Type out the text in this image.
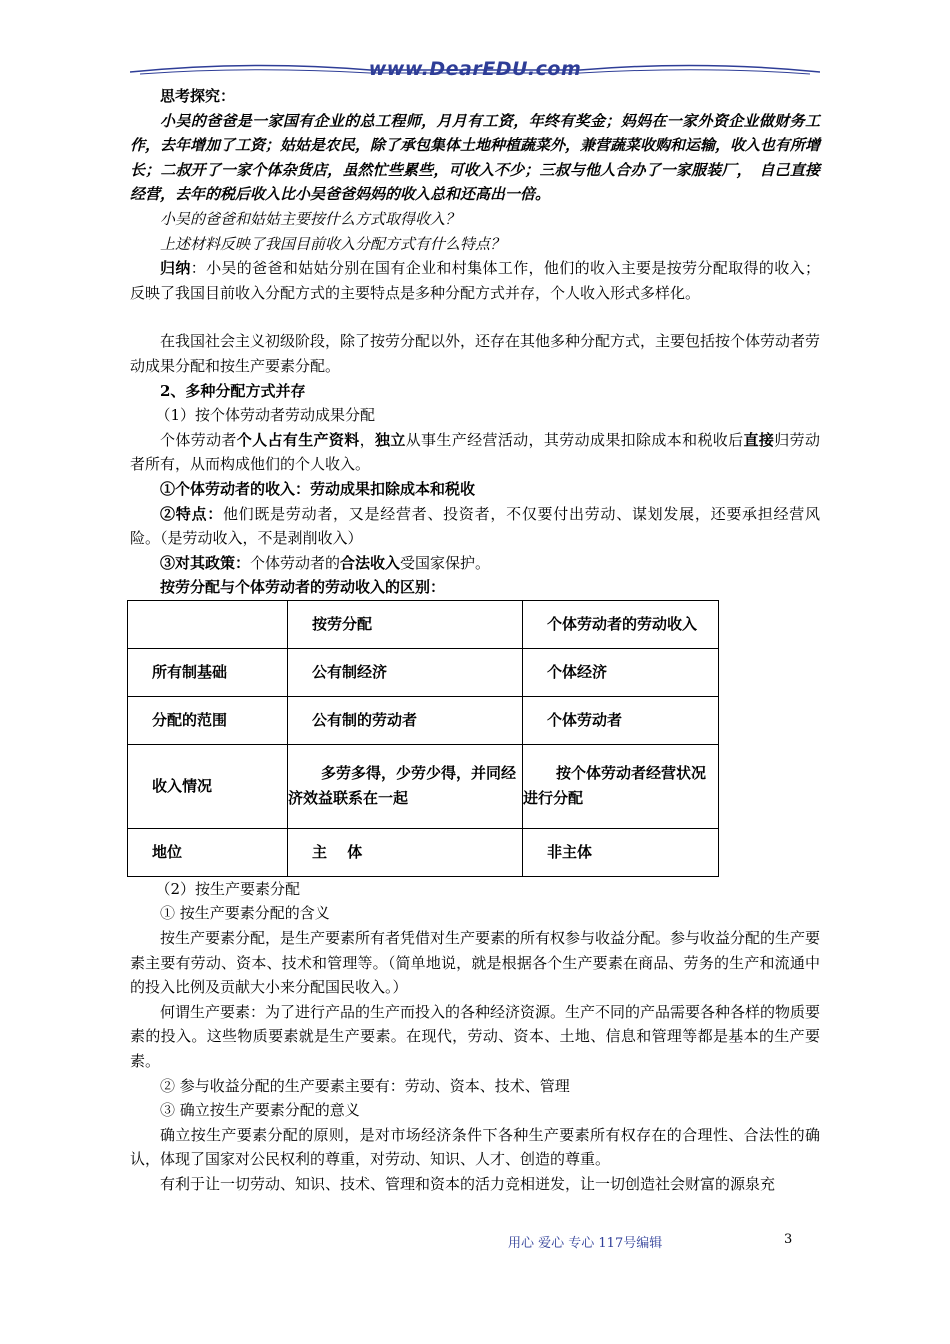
www.DearEDU.com

思考探究：

小吴的爸爸是一家国有企业的总工程师，月月有工资，年终有奖金；妈妈在一家外资企业做财务工作，去年增加了工资；姑姑是农民，除了承包集体土地种植蔬菜外，兼营蔬菜收购和运输，收入也有所增长；二叔开了一家个体杂货店，虽然忙些累些，可收入不少；三叔与他人合办了一家服装厂，　自己直接经营，去年的税后收入比小吴爸爸妈妈的收入总和还高出一倍。

小吴的爸爸和姑姑主要按什么方式取得收入？

上述材料反映了我国目前收入分配方式有什么特点？

归纳：小吴的爸爸和姑姑分别在国有企业和村集体工作，他们的收入主要是按劳分配取得的收入；反映了我国目前收入分配方式的主要特点是多种分配方式并存，个人收入形式多样化。

在我国社会主义初级阶段，除了按劳分配以外，还存在其他多种分配方式，主要包括按个体劳动者劳动成果分配和按生产要素分配。

2、多种分配方式并存

（1）按个体劳动者劳动成果分配

个体劳动者个人占有生产资料，独立从事生产经营活动，其劳动成果扣除成本和税收后直接归劳动者所有，从而构成他们的个人收入。

①个体劳动者的收入：劳动成果扣除成本和税收

②特点：他们既是劳动者，又是经营者、投资者，不仅要付出劳动、谋划发展，还要承担经营风险。（是劳动收入，不是剥削收入）

③对其政策：个体劳动者的合法收入受国家保护。

按劳分配与个体劳动者的劳动收入的区别：

	按劳分配	个体劳动者的劳动收入
所有制基础	公有制经济	个体经济
分配的范围	公有制的劳动者	个体劳动者
收入情况	多劳多得，少劳少得，并同经济效益联系在一起	按个体劳动者经营状况进行分配
地位	主　 体	非主体

（2）按生产要素分配

① 按生产要素分配的含义

按生产要素分配，是生产要素所有者凭借对生产要素的所有权参与收益分配。参与收益分配的生产要素主要有劳动、资本、技术和管理等。（简单地说，就是根据各个生产要素在商品、劳务的生产和流通中的投入比例及贡献大小来分配国民收入。）

何谓生产要素：为了进行产品的生产而投入的各种经济资源。生产不同的产品需要各种各样的物质要素的投入。这些物质要素就是生产要素。在现代，劳动、资本、土地、信息和管理等都是基本的生产要素。

② 参与收益分配的生产要素主要有：劳动、资本、技术、管理

③ 确立按生产要素分配的意义

确立按生产要素分配的原则，是对市场经济条件下各种生产要素所有权存在的合理性、合法性的确认，体现了国家对公民权利的尊重，对劳动、知识、人才、创造的尊重。

有利于让一切劳动、知识、技术、管理和资本的活力竞相迸发，让一切创造社会财富的源泉充

用心 爱心 专心 117号编辑	3
